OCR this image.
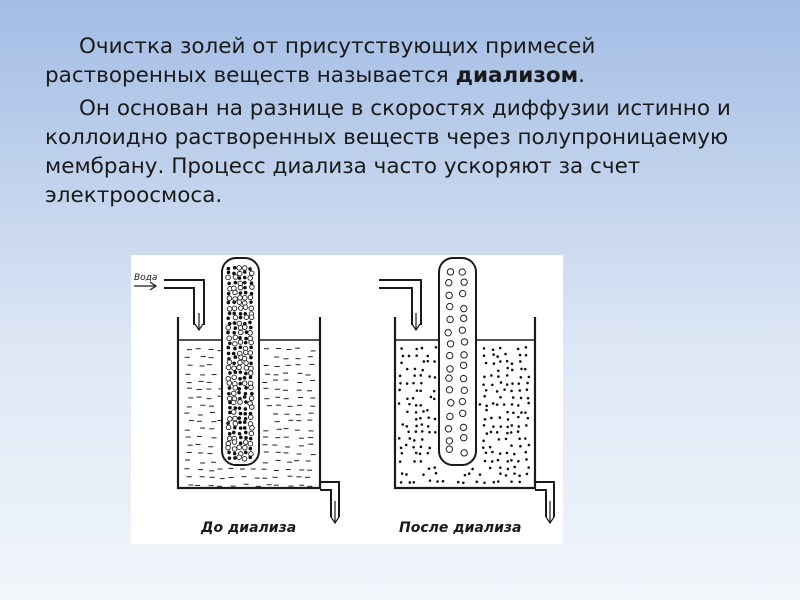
Очистка золей от присутствующих примесей растворенных веществ называется диализом.

Он основан на разнице в скоростях диффузии истинно и коллоидно растворенных веществ через полупроницаемую мембрану. Процесс диализа часто ускоряют за счет электроосмоса.

Вода
До диализа	После диализа
